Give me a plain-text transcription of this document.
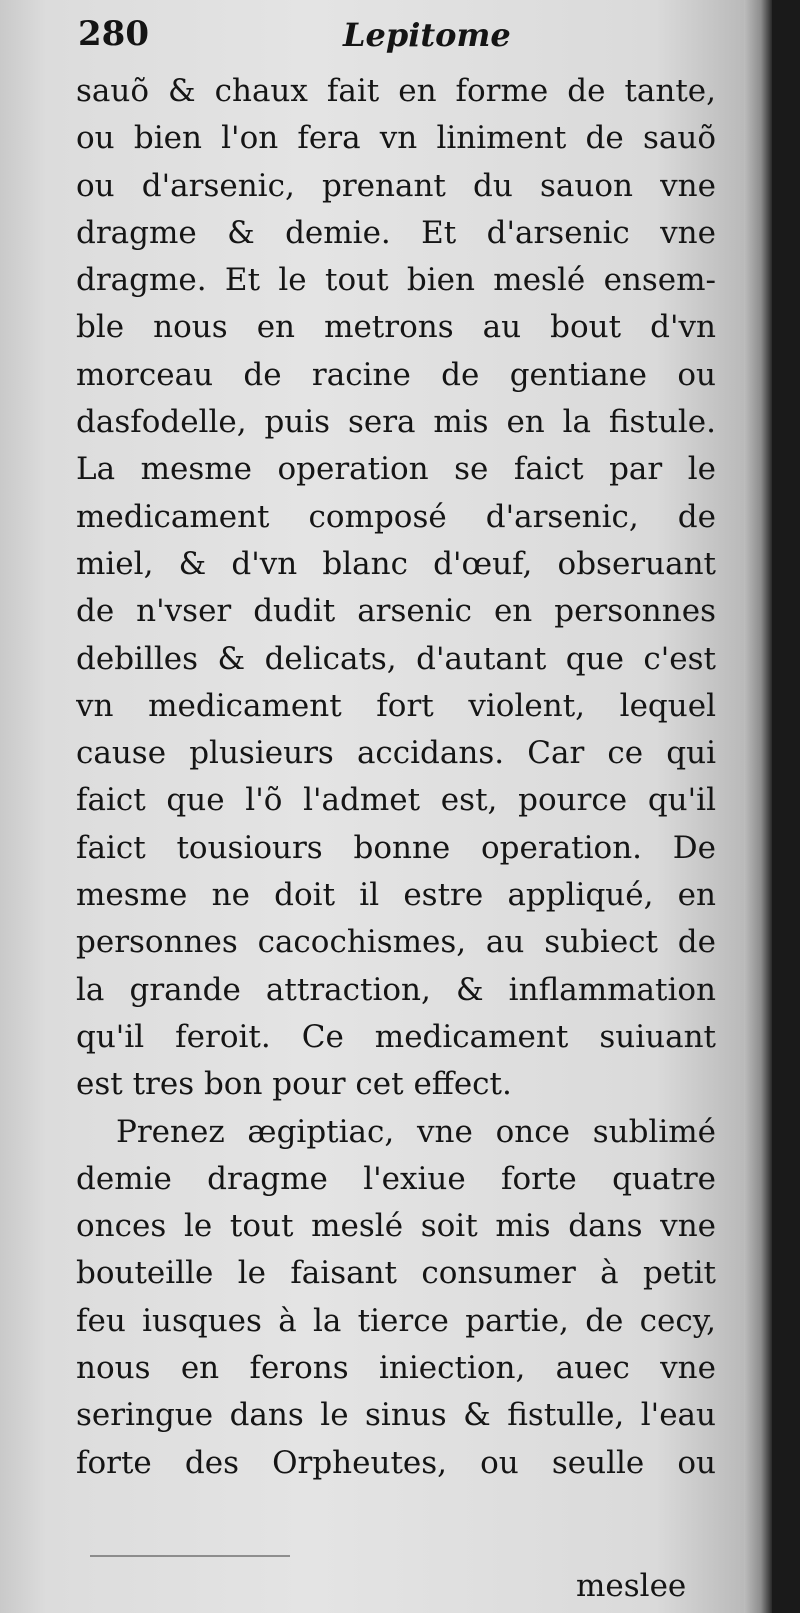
280	Lepitome
sauõ & chaux fait en forme de tante,
ou bien l'on fera vn liniment de sauõ
ou d'arsenic, prenant du sauon vne
dragme & demie. Et d'arsenic vne
dragme. Et le tout bien meslé ensem-
ble nous en metrons au bout d'vn
morceau de racine de gentiane ou
dasfodelle, puis sera mis en la fistule.
La mesme operation se faict par le
medicament composé d'arsenic, de
miel, & d'vn blanc d'œuf, obseruant
de n'vser dudit arsenic en personnes
debilles & delicats, d'autant que c'est
vn medicament fort violent, lequel
cause plusieurs accidans. Car ce qui
faict que l'õ l'admet est, pource qu'il
faict tousiours bonne operation. De
mesme ne doit il estre appliqué, en
personnes cacochismes, au subiect de
la grande attraction, & inflammation
qu'il feroit. Ce medicament suiuant
est tres bon pour cet effect.
Prenez ægiptiac, vne once sublimé
demie dragme l'exiue forte quatre
onces le tout meslé soit mis dans vne
bouteille le faisant consumer à petit
feu iusques à la tierce partie, de cecy,
nous en ferons iniection, auec vne
seringue dans le sinus & fistulle, l'eau
forte des Orpheutes, ou seulle ou
meslee
